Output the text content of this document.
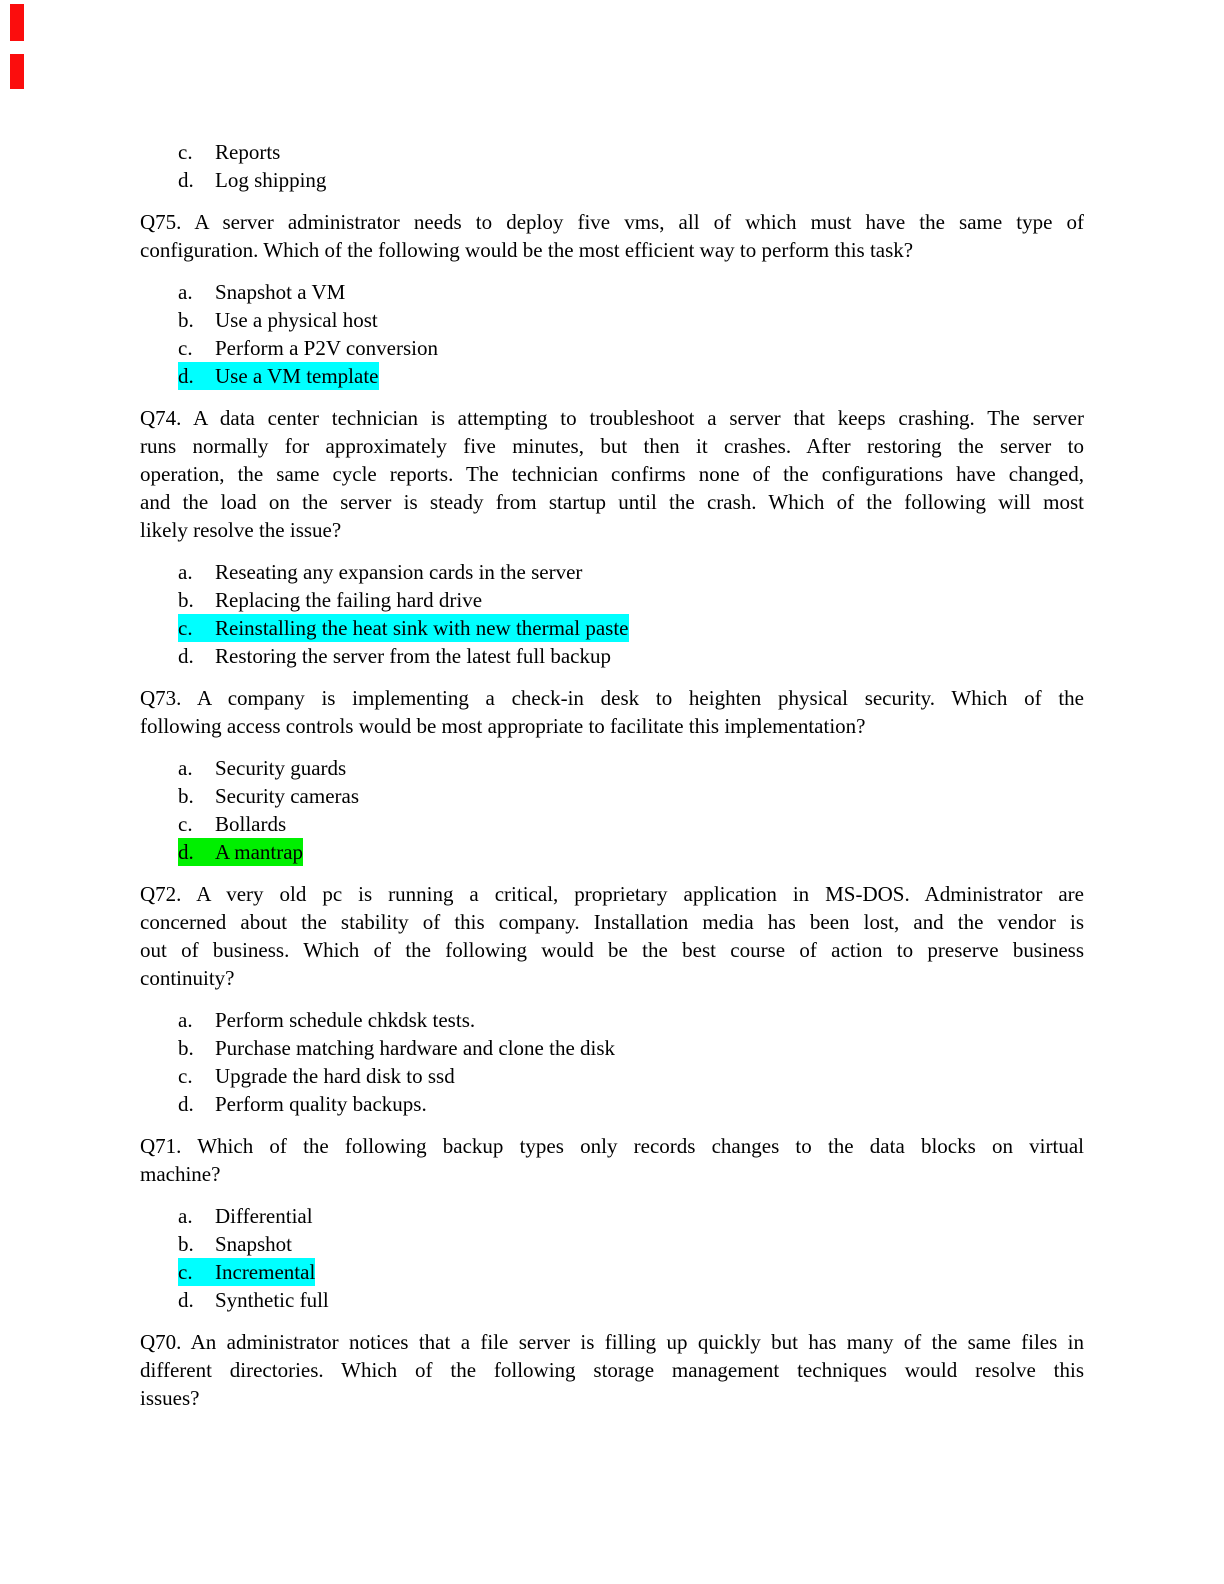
c. Reports
d. Log shipping
Q75. A server administrator needs to deploy five vms, all of which must have the same type of
configuration. Which of the following would be the most efficient way to perform this task?
a. Snapshot a VM
b. Use a physical host
c. Perform a P2V conversion
d. Use a VM template
Q74. A data center technician is attempting to troubleshoot a server that keeps crashing. The server
runs normally for approximately five minutes, but then it crashes. After restoring the server to
operation, the same cycle reports. The technician confirms none of the configurations have changed,
and the load on the server is steady from startup until the crash. Which of the following will most
likely resolve the issue?
a. Reseating any expansion cards in the server
b. Replacing the failing hard drive
c. Reinstalling the heat sink with new thermal paste
d. Restoring the server from the latest full backup
Q73. A company is implementing a check-in desk to heighten physical security. Which of the
following access controls would be most appropriate to facilitate this implementation?
a. Security guards
b. Security cameras
c. Bollards
d. A mantrap
Q72. A very old pc is running a critical, proprietary application in MS-DOS. Administrator are
concerned about the stability of this company. Installation media has been lost, and the vendor is
out of business. Which of the following would be the best course of action to preserve business
continuity?
a. Perform schedule chkdsk tests.
b. Purchase matching hardware and clone the disk
c. Upgrade the hard disk to ssd
d. Perform quality backups.
Q71. Which of the following backup types only records changes to the data blocks on virtual
machine?
a. Differential
b. Snapshot
c. Incremental
d. Synthetic full
Q70. An administrator notices that a file server is filling up quickly but has many of the same files in
different directories. Which of the following storage management techniques would resolve this
issues?
